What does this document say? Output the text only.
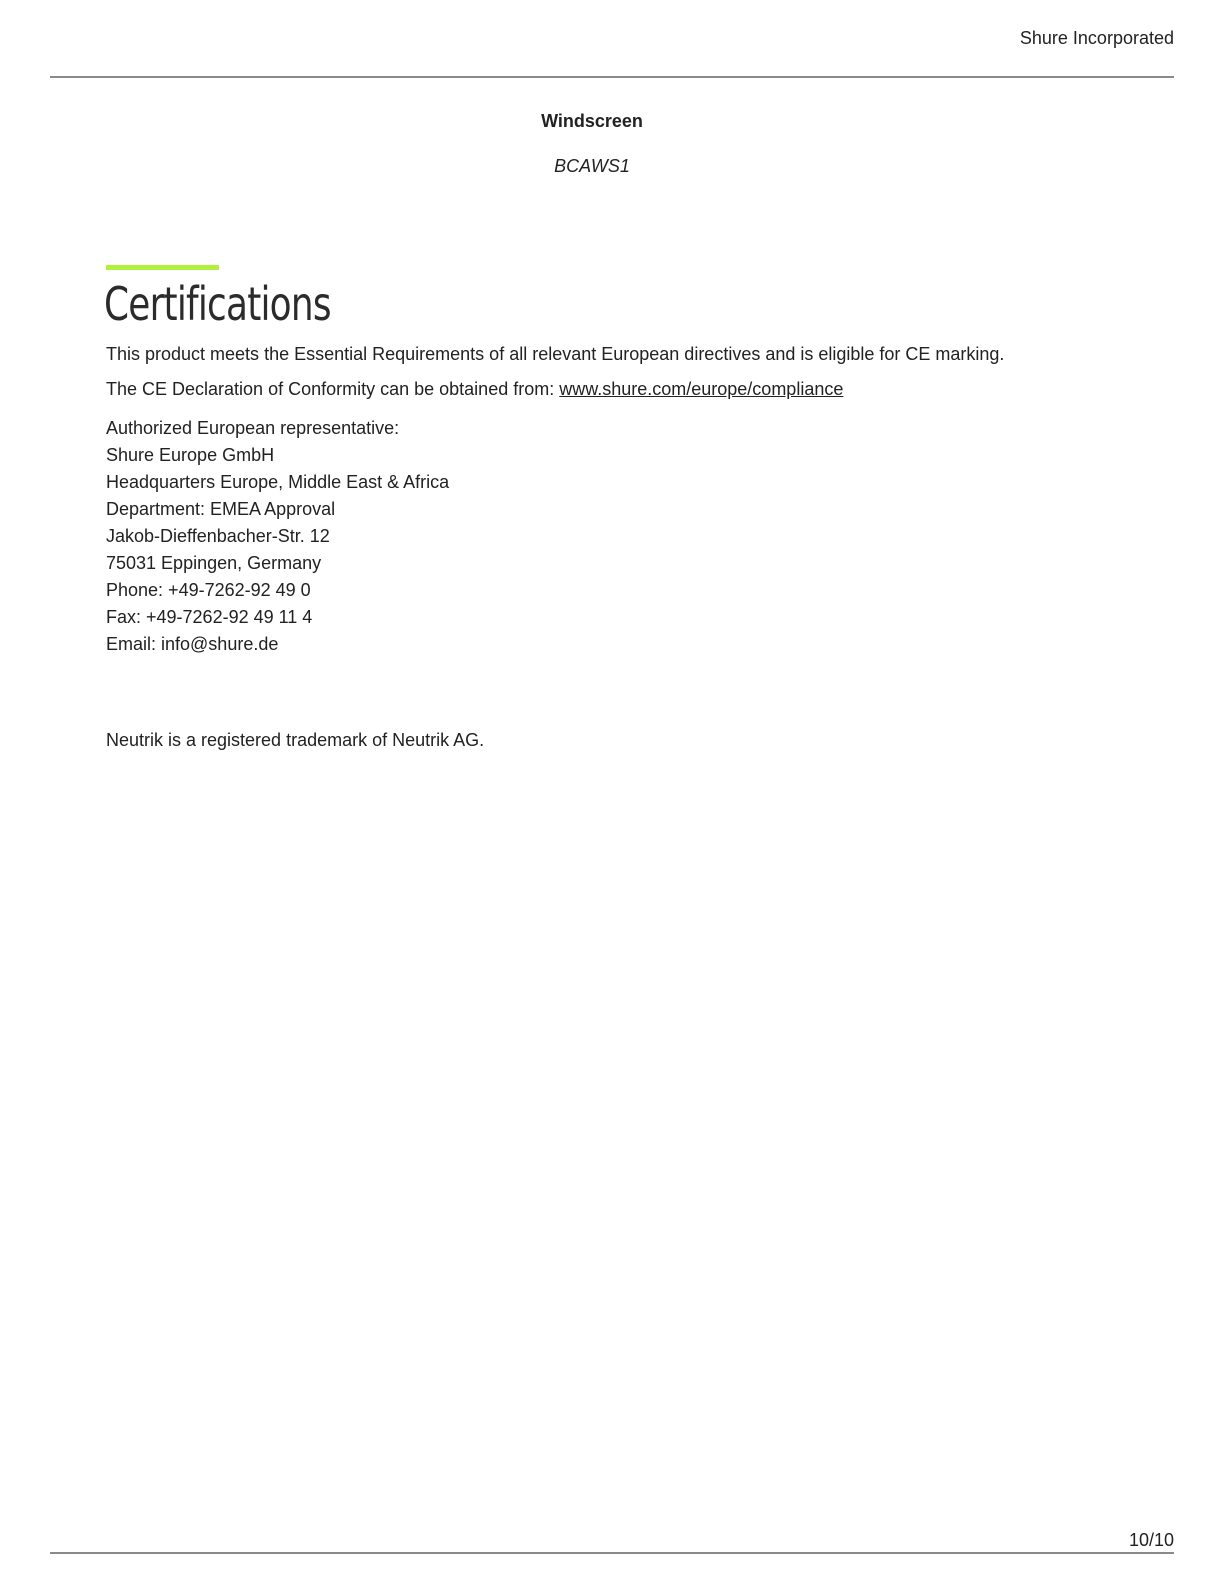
Shure Incorporated
Windscreen
BCAWS1
Certifications

This product meets the Essential Requirements of all relevant European directives and is eligible for CE marking.

The CE Declaration of Conformity can be obtained from: www.shure.com/europe/compliance

Authorized European representative:
Shure Europe GmbH
Headquarters Europe, Middle East & Africa
Department: EMEA Approval
Jakob-Dieffenbacher-Str. 12
75031 Eppingen, Germany
Phone: +49-7262-92 49 0
Fax: +49-7262-92 49 11 4
Email: info@shure.de

Neutrik is a registered trademark of Neutrik AG.

10/10
